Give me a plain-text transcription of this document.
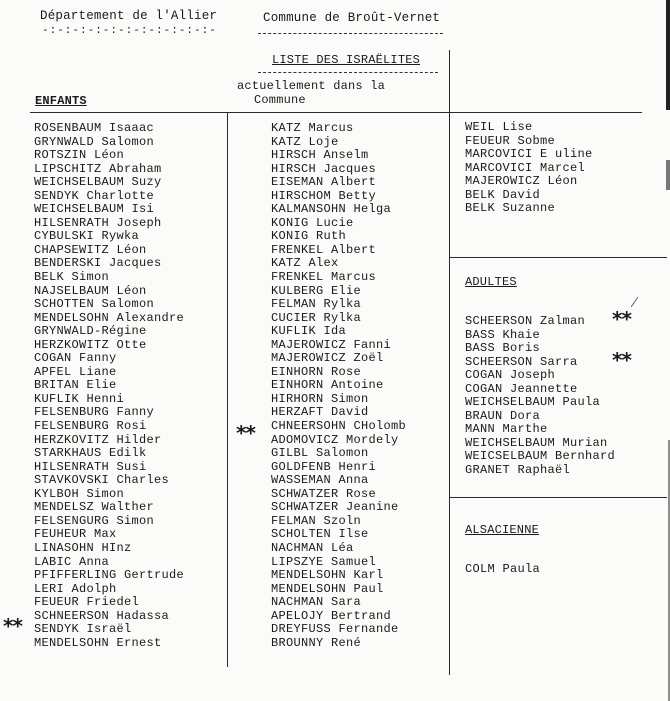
Département de l'Allier
-:-:-:-:-:-:-:-:-:-:-:-
Commune de Broût-Vernet
LISTE DES ISRAËLITES
actuellement dans la
Commune
ENFANTS
ROSENBAUM Isaaac
GRYNWALD Salomon
ROTSZIN Léon
LIPSCHITZ Abraham
WEICHSELBAUM Suzy
SENDYK Charlotte
WEICHSELBAUM Isi
HILSENRATH Joseph
CYBULSKI Rywka
CHAPSEWITZ Léon
BENDERSKI Jacques
BELK Simon
NAJSELBAUM Léon
SCHOTTEN Salomon
MENDELSOHN Alexandre
GRYNWALD-Régine
HERZKOWITZ Otte
COGAN Fanny
APFEL Liane
BRITAN Elie
KUFLIK Henni
FELSENBURG Fanny
FELSENBURG Rosi
HERZKOVITZ Hilder
STARKHAUS Edilk
HILSENRATH Susi
STAVKOVSKI Charles
KYLBOH Simon
MENDELSZ Walther
FELSENGURG Simon
FEUHEUR Max
LINASOHN HInz
LABIC Anna
PFIFFERLING Gertrude
LERI Adolph
FEUEUR Friedel
SCHNEERSON Hadassa
SENDYK Israël
MENDELSOHN Ernest
KATZ Marcus
KATZ Loje
HIRSCH Anselm
HIRSCH Jacques
EISEMAN Albert
HIRSCHOM Betty
KALMANSOHN Helga
KONIG Lucie
KONIG Ruth
FRENKEL Albert
KATZ Alex
FRENKEL Marcus
KULBERG Elie
FELMAN Rylka
CUCIER Rylka
KUFLIK Ida
MAJEROWICZ Fanni
MAJEROWICZ Zoël
EINHORN Rose
EINHORN Antoine
HIRHORN Simon
HERZAFT David
CHNEERSOHN CHolomb
ADOMOVICZ Mordely
GILBL Salomon
GOLDFENB Henri
WASSEMAN Anna
SCHWATZER Rose
SCHWATZER Jeanine
FELMAN Szoln
SCHOLTEN Ilse
NACHMAN Léa
LIPSZYE Samuel
MENDELSOHN Karl
MENDELSOHN Paul
NACHMAN Sara
APELOJY Bertrand
DREYFUSS Fernande
BROUNNY René
WEIL Lise
FEUEUR Sobme
MARCOVICI E uline
MARCOVICI Marcel
MAJEROWICZ Léon
BELK David
BELK Suzanne
ADULTES
SCHEERSON Zalman
BASS Khaie
BASS Boris
SCHEERSON Sarra
COGAN Joseph
COGAN Jeannette
WEICHSELBAUM Paula
BRAUN Dora
MANN Marthe
WEICHSELBAUM Murian
WEICSELBAUM Bernhard
GRANET Raphaël
ALSACIENNE
COLM Paula
**
**
**
**
